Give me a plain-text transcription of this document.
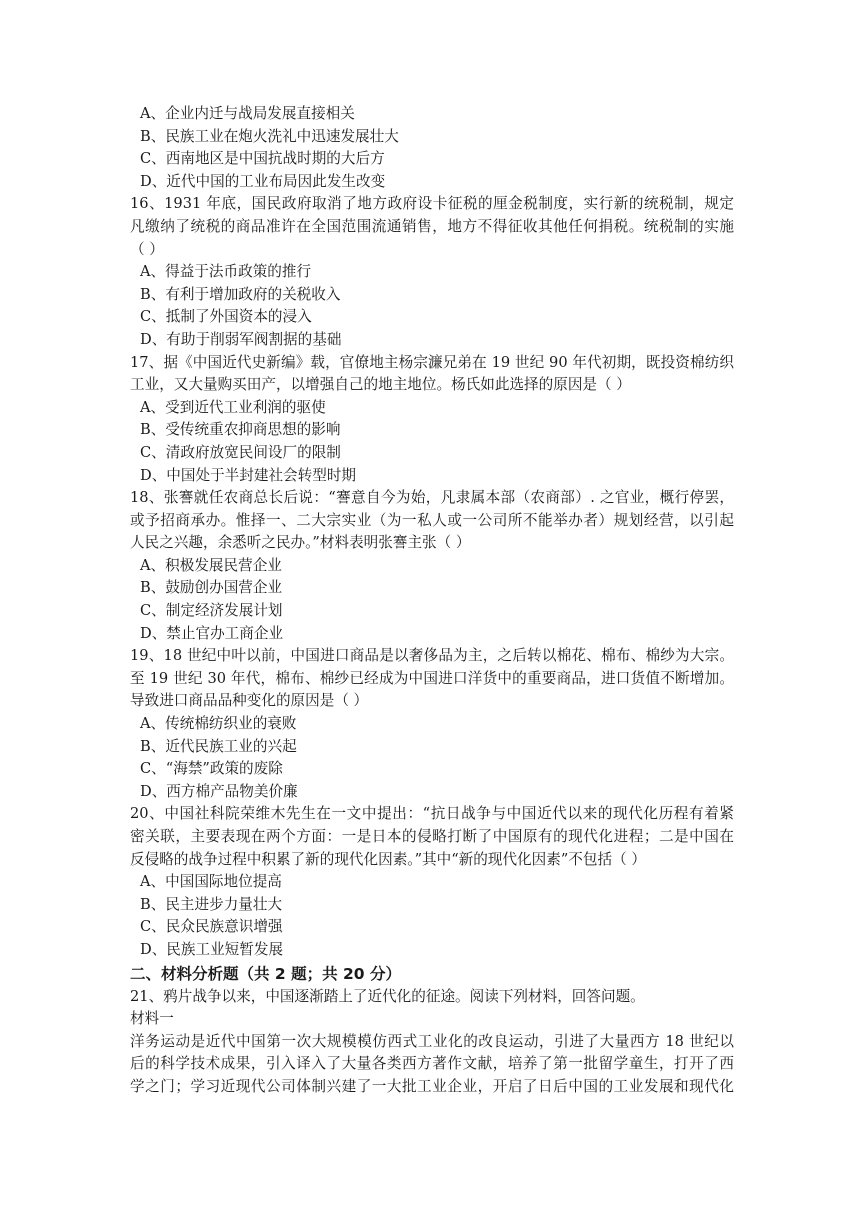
A、企业内迁与战局发展直接相关
B、民族工业在炮火洗礼中迅速发展壮大
C、西南地区是中国抗战时期的大后方
D、近代中国的工业布局因此发生改变
16、1931 年底，国民政府取消了地方政府设卡征税的厘金税制度，实行新的统税制，规定
凡缴纳了统税的商品准许在全国范围流通销售，地方不得征收其他任何捐税。统税制的实施
（ ）
A、得益于法币政策的推行
B、有利于增加政府的关税收入
C、抵制了外国资本的浸入
D、有助于削弱军阀割据的基础
17、据《中国近代史新编》载，官僚地主杨宗濂兄弟在 19 世纪 90 年代初期，既投资棉纺织
工业，又大量购买田产，以增强自己的地主地位。杨氏如此选择的原因是（ ）
A、受到近代工业利润的驱使
B、受传统重农抑商思想的影响
C、清政府放宽民间设厂的限制
D、中国处于半封建社会转型时期
18、张謇就任农商总长后说：“謇意自今为始，凡隶属本部（农商部）. 之官业，概行停罢，
或予招商承办。惟择一、二大宗实业（为一私人或一公司所不能举办者）规划经营，以引起
人民之兴趣，余悉听之民办。”材料表明张謇主张（ ）
A、积极发展民营企业
B、鼓励创办国营企业
C、制定经济发展计划
D、禁止官办工商企业
19、18 世纪中叶以前，中国进口商品是以奢侈品为主，之后转以棉花、棉布、棉纱为大宗。
至 19 世纪 30 年代，棉布、棉纱已经成为中国进口洋货中的重要商品，进口货值不断增加。
导致进口商品品种变化的原因是（ ）
A、传统棉纺织业的衰败
B、近代民族工业的兴起
C、“海禁”政策的废除
D、西方棉产品物美价廉
20、中国社科院荣维木先生在一文中提出：“抗日战争与中国近代以来的现代化历程有着紧
密关联，主要表现在两个方面：一是日本的侵略打断了中国原有的现代化进程；二是中国在
反侵略的战争过程中积累了新的现代化因素。”其中“新的现代化因素”不包括（ ）
A、中国国际地位提高
B、民主进步力量壮大
C、民众民族意识增强
D、民族工业短暂发展
二、材料分析题（共 2 题；共 20 分）
21、鸦片战争以来，中国逐渐踏上了近代化的征途。阅读下列材料，回答问题。
材料一
洋务运动是近代中国第一次大规模模仿西式工业化的改良运动，引进了大量西方 18 世纪以
后的科学技术成果，引入译入了大量各类西方著作文献，培养了第一批留学童生，打开了西
学之门；学习近现代公司体制兴建了一大批工业企业，开启了日后中国的工业发展和现代化
